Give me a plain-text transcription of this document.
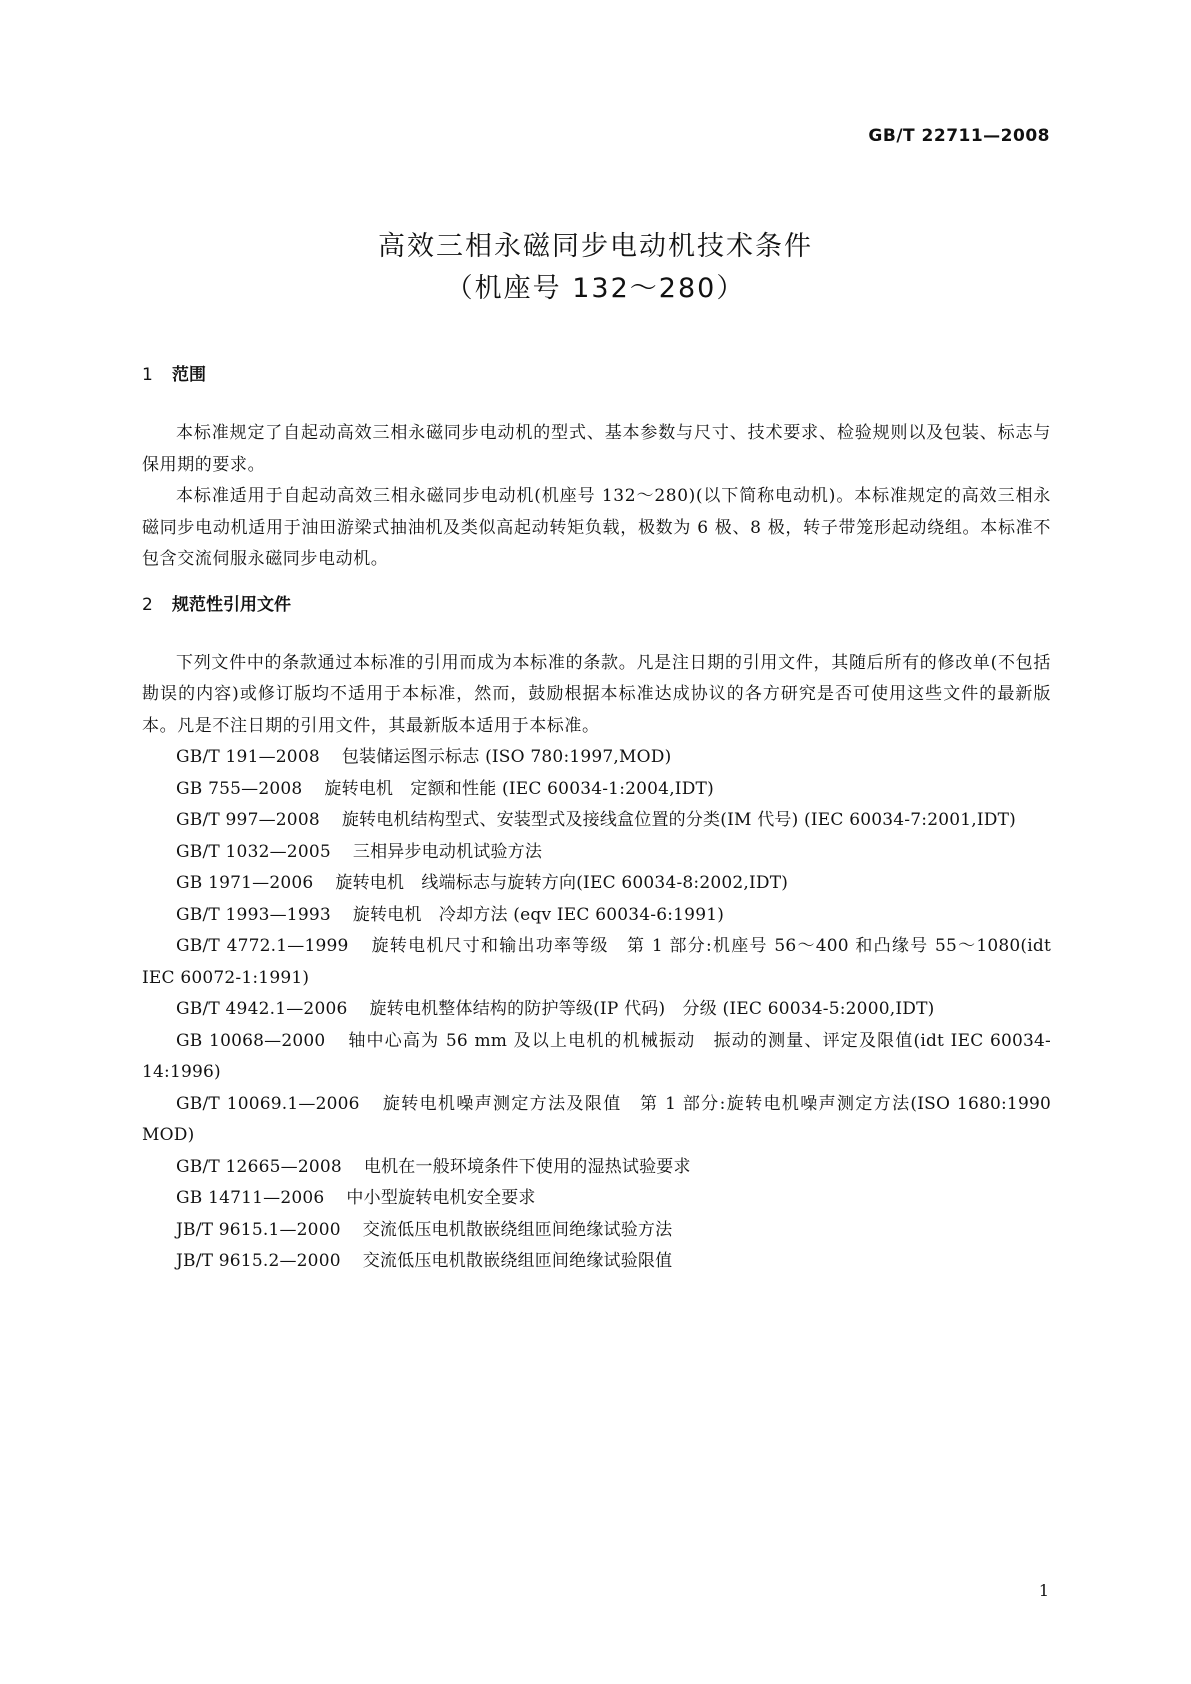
GB/T 22711—2008
高效三相永磁同步电动机技术条件
（机座号 132～280）
1 范围

本标准规定了自起动高效三相永磁同步电动机的型式、基本参数与尺寸、技术要求、检验规则以及包装、标志与保用期的要求。

本标准适用于自起动高效三相永磁同步电动机(机座号 132～280)(以下简称电动机)。本标准规定的高效三相永磁同步电动机适用于油田游梁式抽油机及类似高起动转矩负载，极数为 6 极、8 极，转子带笼形起动绕组。本标准不包含交流伺服永磁同步电动机。

2 规范性引用文件

下列文件中的条款通过本标准的引用而成为本标准的条款。凡是注日期的引用文件，其随后所有的修改单(不包括勘误的内容)或修订版均不适用于本标准，然而，鼓励根据本标准达成协议的各方研究是否可使用这些文件的最新版本。凡是不注日期的引用文件，其最新版本适用于本标准。

GB/T 191—2008 包装储运图示标志 (ISO 780:1997,MOD)

GB 755—2008 旋转电机　定额和性能 (IEC 60034-1:2004,IDT)

GB/T 997—2008 旋转电机结构型式、安装型式及接线盒位置的分类(IM 代号) (IEC 60034-7:2001,IDT)

GB/T 1032—2005 三相异步电动机试验方法

GB 1971—2006 旋转电机　线端标志与旋转方向(IEC 60034-8:2002,IDT)

GB/T 1993—1993 旋转电机　冷却方法 (eqv IEC 60034-6:1991)

GB/T 4772.1—1999 旋转电机尺寸和输出功率等级　第 1 部分:机座号 56～400 和凸缘号 55～1080(idt IEC 60072-1:1991)

GB/T 4942.1—2006 旋转电机整体结构的防护等级(IP 代码)　分级 (IEC 60034-5:2000,IDT)

GB 10068—2000 轴中心高为 56 mm 及以上电机的机械振动　振动的测量、评定及限值(idt IEC 60034-14:1996)

GB/T 10069.1—2006 旋转电机噪声测定方法及限值　第 1 部分:旋转电机噪声测定方法(ISO 1680:1990 MOD)

GB/T 12665—2008 电机在一般环境条件下使用的湿热试验要求

GB 14711—2006 中小型旋转电机安全要求

JB/T 9615.1—2000 交流低压电机散嵌绕组匝间绝缘试验方法

JB/T 9615.2—2000 交流低压电机散嵌绕组匝间绝缘试验限值

1
